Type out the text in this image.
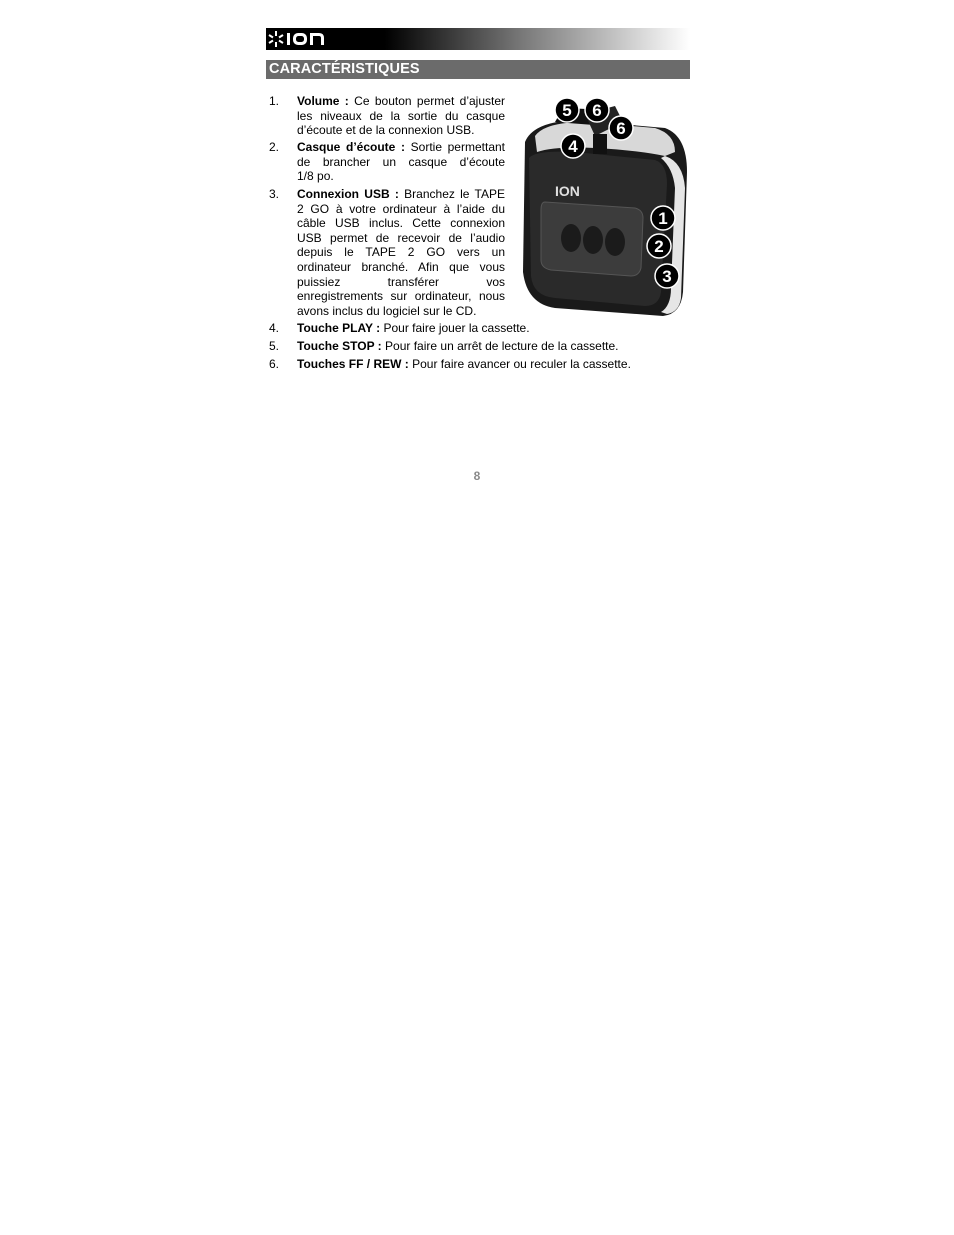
CARACTÉRISTIQUES
1. Volume : Ce bouton permet d’ajuster
les niveaux de la sortie du casque
d’écoute et de la connexion USB.
2. Casque d’écoute : Sortie permettant
de brancher un casque d’écoute
1/8 po.
3. Connexion USB : Branchez le TAPE
2 GO à votre ordinateur à l’aide du
câble USB inclus. Cette connexion
USB permet de recevoir de l’audio
depuis le TAPE 2 GO vers un
ordinateur branché. Afin que vous
puissiez transférer vos
enregistrements sur ordinateur, nous
avons inclus du logiciel sur le CD.
4. Touche PLAY : Pour faire jouer la cassette.
5. Touche STOP : Pour faire un arrêt de lecture de la cassette.
6. Touches FF / REW : Pour faire avancer ou reculer la cassette.
ION
5 6
6
4
1
2
3
8
